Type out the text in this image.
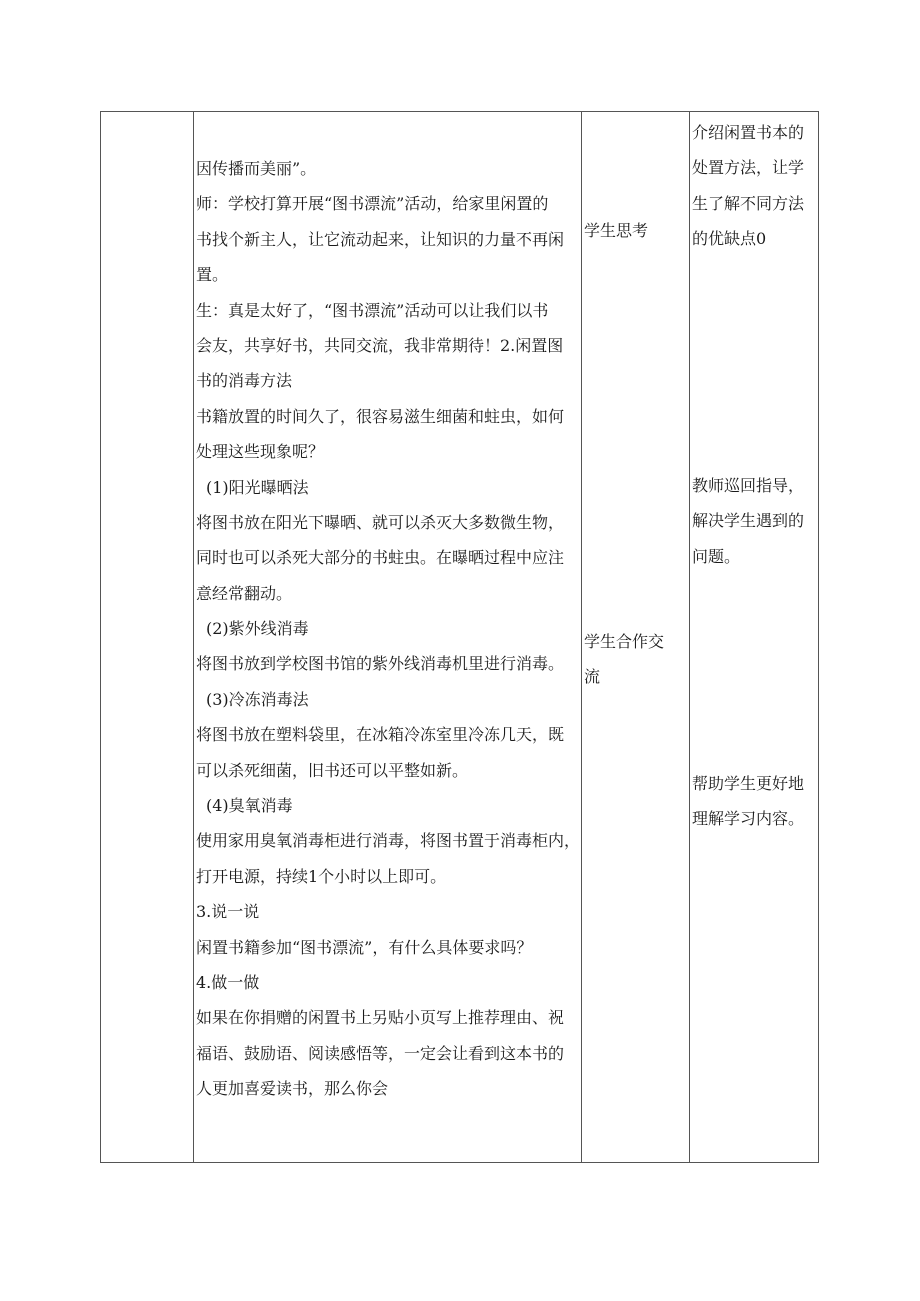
因传播而美丽”。
师：学校打算开展“图书漂流”活动，给家里闲置的
书找个新主人，让它流动起来，让知识的力量不再闲
置。
生：真是太好了，“图书漂流”活动可以让我们以书
会友，共享好书，共同交流，我非常期待！2.闲置图
书的消毒方法
书籍放置的时间久了，很容易滋生细菌和蛀虫，如何
处理这些现象呢？
(1)阳光曝晒法
将图书放在阳光下曝晒、就可以杀灭大多数微生物，
同时也可以杀死大部分的书蛀虫。在曝晒过程中应注
意经常翻动。
(2)紫外线消毒
将图书放到学校图书馆的紫外线消毒机里进行消毒。
(3)冷冻消毒法
将图书放在塑料袋里，在冰箱冷冻室里冷冻几天，既
可以杀死细菌，旧书还可以平整如新。
(4)臭氧消毒
使用家用臭氧消毒柜进行消毒，将图书置于消毒柜内，
打开电源，持续1个小时以上即可。
3.说一说
闲置书籍参加“图书漂流”，有什么具体要求吗？
4.做一做
如果在你捐赠的闲置书上另贴小页写上推荐理由、祝
福语、鼓励语、阅读感悟等，一定会让看到这本书的
人更加喜爱读书，那么你会
学生思考
学生合作交
流
介绍闲置书本的
处置方法，让学
生了解不同方法
的优缺点0
教师巡回指导，
解决学生遇到的
问题。
帮助学生更好地
理解学习内容。
